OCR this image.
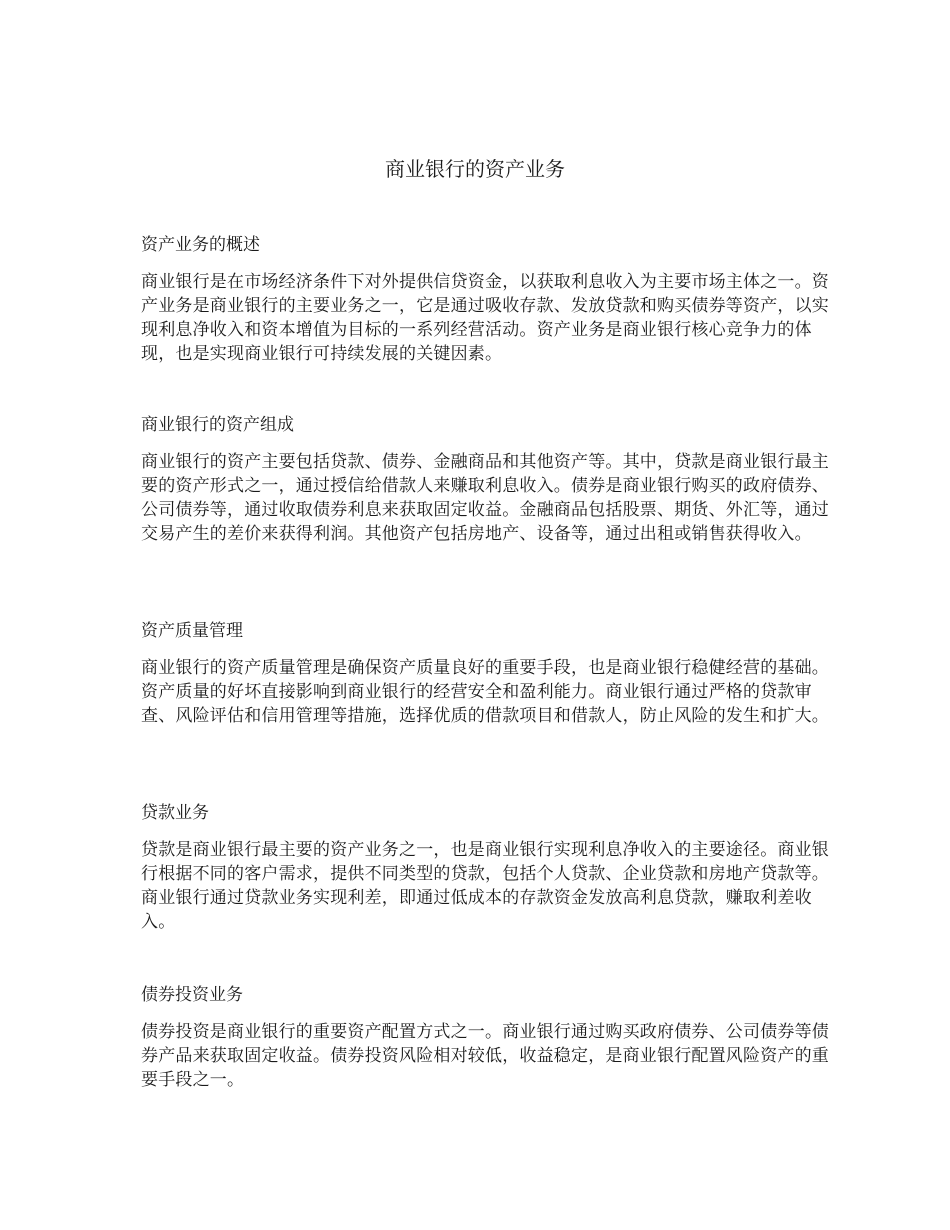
商业银行的资产业务
资产业务的概述

商业银行是在市场经济条件下对外提供信贷资金，以获取利息收入为主要市场主体之一。资产业务是商业银行的主要业务之一，它是通过吸收存款、发放贷款和购买债券等资产，以实现利息净收入和资本增值为目标的一系列经营活动。资产业务是商业银行核心竞争力的体现，也是实现商业银行可持续发展的关键因素。

商业银行的资产组成

商业银行的资产主要包括贷款、债券、金融商品和其他资产等。其中，贷款是商业银行最主要的资产形式之一，通过授信给借款人来赚取利息收入。债券是商业银行购买的政府债券、公司债券等，通过收取债券利息来获取固定收益。金融商品包括股票、期货、外汇等，通过交易产生的差价来获得利润。其他资产包括房地产、设备等，通过出租或销售获得收入。

资产质量管理

商业银行的资产质量管理是确保资产质量良好的重要手段，也是商业银行稳健经营的基础。资产质量的好坏直接影响到商业银行的经营安全和盈利能力。商业银行通过严格的贷款审查、风险评估和信用管理等措施，选择优质的借款项目和借款人，防止风险的发生和扩大。

贷款业务

贷款是商业银行最主要的资产业务之一，也是商业银行实现利息净收入的主要途径。商业银行根据不同的客户需求，提供不同类型的贷款，包括个人贷款、企业贷款和房地产贷款等。商业银行通过贷款业务实现利差，即通过低成本的存款资金发放高利息贷款，赚取利差收入。

债券投资业务

债券投资是商业银行的重要资产配置方式之一。商业银行通过购买政府债券、公司债券等债券产品来获取固定收益。债券投资风险相对较低，收益稳定，是商业银行配置风险资产的重要手段之一。
